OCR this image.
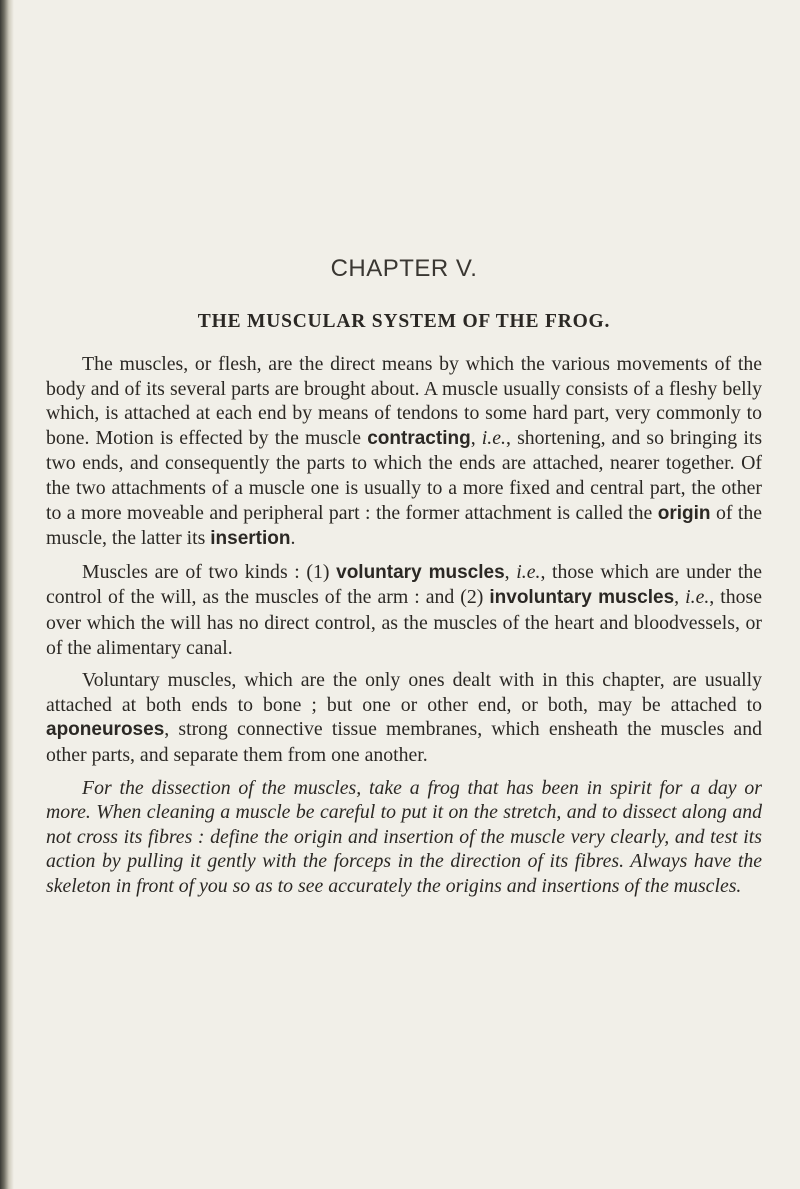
CHAPTER V.
THE MUSCULAR SYSTEM OF THE FROG.

The muscles, or flesh, are the direct means by which the various movements of the body and of its several parts are brought about. A muscle usually consists of a fleshy belly which, is attached at each end by means of tendons to some hard part, very commonly to bone. Motion is effected by the muscle contracting, i.e., shortening, and so bringing its two ends, and consequently the parts to which the ends are attached, nearer together. Of the two attachments of a muscle one is usually to a more fixed and central part, the other to a more moveable and peripheral part : the former attachment is called the origin of the muscle, the latter its insertion.

Muscles are of two kinds : (1) voluntary muscles, i.e., those which are under the control of the will, as the muscles of the arm : and (2) involuntary muscles, i.e., those over which the will has no direct control, as the muscles of the heart and bloodvessels, or of the alimentary canal.

Voluntary muscles, which are the only ones dealt with in this chapter, are usually attached at both ends to bone ; but one or other end, or both, may be attached to aponeuroses, strong connective tissue membranes, which ensheath the muscles and other parts, and separate them from one another.

For the dissection of the muscles, take a frog that has been in spirit for a day or more. When cleaning a muscle be careful to put it on the stretch, and to dissect along and not cross its fibres : define the origin and insertion of the muscle very clearly, and test its action by pulling it gently with the forceps in the direction of its fibres. Always have the skeleton in front of you so as to see accurately the origins and insertions of the muscles.
